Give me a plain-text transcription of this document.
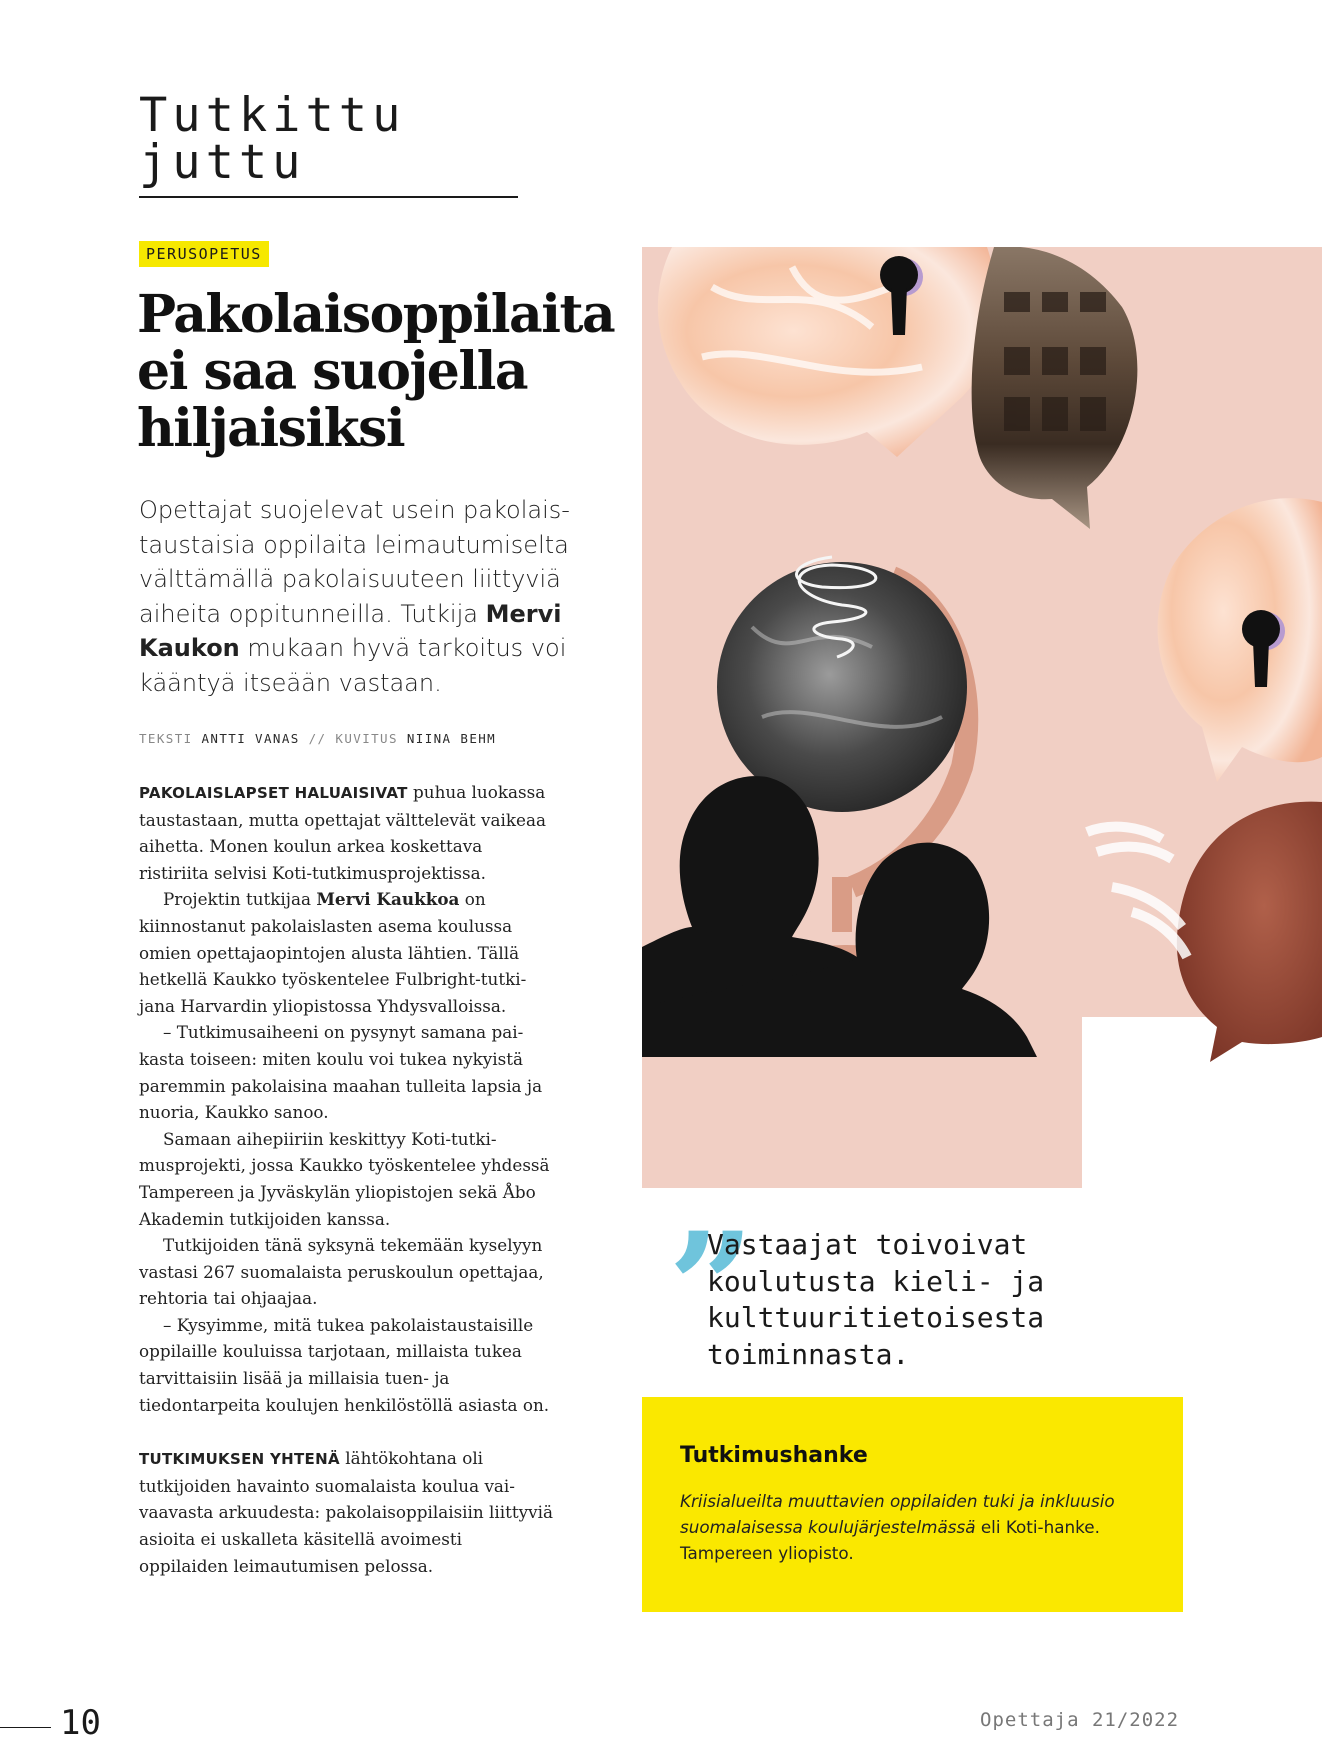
Tutkittu juttu
PERUSOPETUS
Pakolaisoppilaita ei saa suojella hiljaisiksi
Opettajat suojelevat usein pakolaistaustaisia oppilaita leimautumiselta välttämällä pakolaisuuteen liittyviä aiheita oppitunneilla. Tutkija Mervi Kaukon mukaan hyvä tarkoitus voi kääntyä itseään vastaan.
TEKSTI ANTTI VANAS // KUVITUS NIINA BEHM

PAKOLAISLAPSET HALUAISIVAT puhua luokassa taustastaan, mutta opettajat välttelevät vaikeaa aihetta. Monen koulun arkea koskettava ristiriita selvisi Koti-tutkimusprojektissa.

Projektin tutkijaa Mervi Kaukkoa on kiinnostanut pakolaislasten asema koulussa omien opettajaopintojen alusta lähtien. Tällä hetkellä Kaukko työskentelee Fulbright-tutkijana Harvardin yliopistossa Yhdysvalloissa.

– Tutkimusaiheeni on pysynyt samana paikasta toiseen: miten koulu voi tukea nykyistä paremmin pakolaisina maahan tulleita lapsia ja nuoria, Kaukko sanoo.

Samaan aihepiiriin keskittyy Koti-tutkimusprojekti, jossa Kaukko työskentelee yhdessä Tampereen ja Jyväskylän yliopistojen sekä Åbo Akademin tutkijoiden kanssa.

Tutkijoiden tänä syksynä tekemään kyselyyn vastasi 267 suomalaista peruskoulun opettajaa, rehtoria tai ohjaajaa.

– Kysyimme, mitä tukea pakolaistaustaisille oppilaille kouluissa tarjotaan, millaista tukea tarvittaisiin lisää ja millaisia tuen- ja tiedontarpeita koulujen henkilöstöllä asiasta on.

TUTKIMUKSEN YHTENÄ lähtökohtana oli tutkijoiden havainto suomalaista koulua vaivaavasta arkuudesta: pakolaisoppilaisiin liittyviä asioita ei uskalleta käsitellä avoimesti oppilaiden leimautumisen pelossa.

”
Vastaajat toivoivat koulutusta kieli- ja kulttuuritietoisesta toiminnasta.
Tutkimushanke
Kriisialueilta muuttavien oppilaiden tuki ja inkluusio suomalaisessa koulujärjestelmässä eli Koti-hanke. Tampereen yliopisto.
10	Opettaja 21/2022
